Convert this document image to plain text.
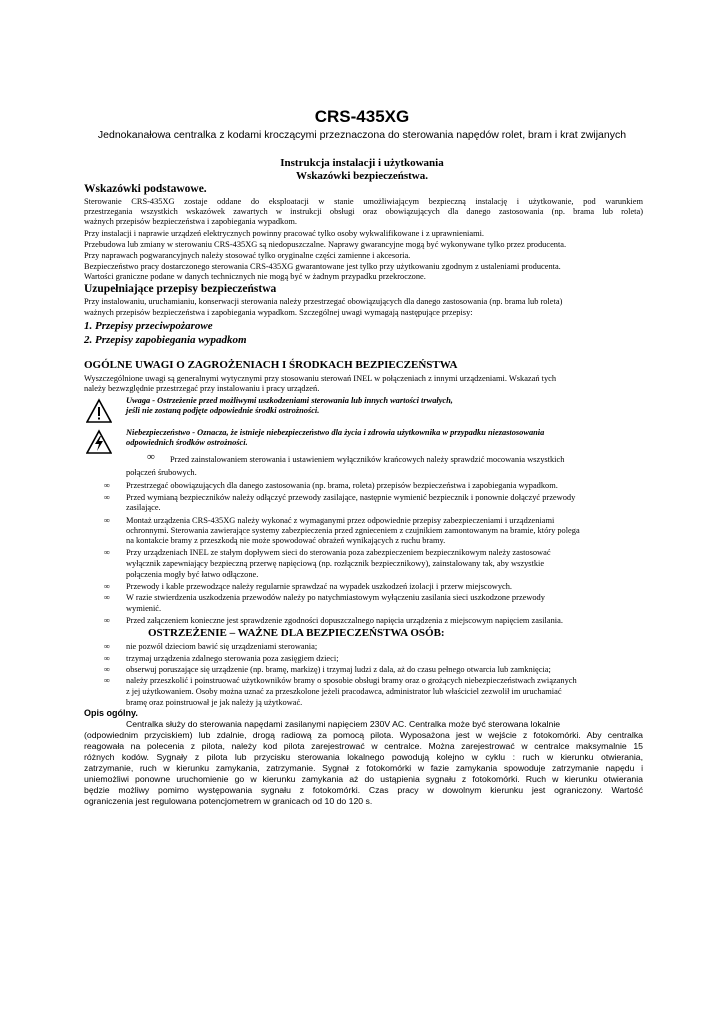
CRS-435XG
Jednokanałowa centralka z kodami kroczącymi przeznaczona do sterowania napędów rolet, bram i krat zwijanych
Instrukcja instalacji i użytkowania
Wskazówki bezpieczeństwa.
Wskazówki podstawowe.
Sterowanie CRS-435XG zostaje oddane do eksploatacji w stanie umożliwiającym bezpieczną instalację i użytkowanie, pod warunkiem
przestrzegania wszystkich wskazówek zawartych w instrukcji obsługi oraz obowiązujących dla danego zastosowania (np. brama lub roleta)
ważnych przepisów bezpieczeństwa i zapobiegania wypadkom.
Przy instalacji i naprawie urządzeń elektrycznych powinny pracować tylko osoby wykwalifikowane i z uprawnieniami.
Przebudowa lub zmiany w sterowaniu CRS-435XG są niedopuszczalne. Naprawy gwarancyjne mogą być wykonywane tylko przez producenta.
Przy naprawach pogwarancyjnych należy stosować tylko oryginalne części zamienne i akcesoria.
Bezpieczeństwo pracy dostarczonego sterowania CRS-435XG gwarantowane jest tylko przy użytkowaniu zgodnym z ustaleniami producenta.
Wartości graniczne podane w danych technicznych nie mogą być w żadnym przypadku przekroczone.
Uzupełniające przepisy bezpieczeństwa
Przy instalowaniu, uruchamianiu, konserwacji sterowania należy przestrzegać obowiązujących dla danego zastosowania (np. brama lub roleta)
ważnych przepisów bezpieczeństwa i zapobiegania wypadkom. Szczególnej uwagi wymagają następujące przepisy:
1. Przepisy przeciwpożarowe
2. Przepisy zapobiegania wypadkom
OGÓLNE UWAGI O ZAGROŻENIACH I ŚRODKACH BEZPIECZEŃSTWA
Wyszczególnione uwagi są generalnymi wytycznymi przy stosowaniu sterowań INEL w połączeniach z innymi urządzeniami. Wskazań tych
należy bezwzględnie przestrzegać przy instalowaniu i pracy urządzeń.
Uwaga - Ostrzeżenie przed możliwymi uszkodzeniami sterowania lub innych wartości trwałych,
jeśli nie zostaną podjęte odpowiednie środki ostrożności.
Niebezpieczeństwo - Oznacza, że istnieje niebezpieczeństwo dla życia i zdrowia użytkownika w przypadku niezastosowania
odpowiednich środków ostrożności.
∞ Przed zainstalowaniem sterowania i ustawieniem wyłączników krańcowych należy sprawdzić mocowania wszystkich
połączeń śrubowych.
∞ Przestrzegać obowiązujących dla danego zastosowania (np. brama, roleta) przepisów bezpieczeństwa i zapobiegania wypadkom.
∞ Przed wymianą bezpieczników należy odłączyć przewody zasilające, następnie wymienić bezpiecznik i ponownie dołączyć przewody
zasilające.
∞ Montaż urządzenia CRS-435XG należy wykonać z wymaganymi przez odpowiednie przepisy zabezpieczeniami i urządzeniami
ochronnymi. Sterowania zawierające systemy zabezpieczenia przed zgnieceniem z czujnikiem zamontowanym na bramie, który polega
na kontakcie bramy z przeszkodą nie może spowodować obrażeń wynikających z ruchu bramy.
∞ Przy urządzeniach INEL ze stałym dopływem sieci do sterowania poza zabezpieczeniem bezpiecznikowym należy zastosować
wyłącznik zapewniający bezpieczną przerwę napięciową (np. rozłącznik bezpiecznikowy), zainstalowany tak, aby wszystkie
połączenia mogły być łatwo odłączone.
∞ Przewody i kable przewodzące należy regularnie sprawdzać na wypadek uszkodzeń izolacji i przerw miejscowych.
∞ W razie stwierdzenia uszkodzenia przewodów należy po natychmiastowym wyłączeniu zasilania sieci uszkodzone przewody
wymienić.
∞ Przed załączeniem konieczne jest sprawdzenie zgodności dopuszczalnego napięcia urządzenia z miejscowym napięciem zasilania.
OSTRZEŻENIE – WAŻNE DLA BEZPIECZEŃSTWA OSÓB:
∞ nie pozwól dzieciom bawić się urządzeniami sterowania;
∞ trzymaj urządzenia zdalnego sterowania poza zasięgiem dzieci;
∞ obserwuj poruszające się urządzenie (np. bramę, markizę) i trzymaj ludzi z dala, aż do czasu pełnego otwarcia lub zamknięcia;
∞ należy przeszkolić i poinstruować użytkowników bramy o sposobie obsługi bramy oraz o grożących niebezpieczeństwach związanych
z jej użytkowaniem. Osoby można uznać za przeszkolone jeżeli pracodawca, administrator lub właściciel zezwolił im uruchamiać
bramę oraz poinstruował je jak należy ją użytkować.
Opis ogólny.
Centralka służy do sterowania napędami zasilanymi napięciem 230V AC. Centralka może być sterowana lokalnie
(odpowiednim przyciskiem) lub zdalnie, drogą radiową za pomocą pilota. Wyposażona jest w wejście z fotokomórki. Aby centralka
reagowała na polecenia z pilota, należy kod pilota zarejestrować w centralce. Można zarejestrować w centralce maksymalnie 15
różnych kodów. Sygnały z pilota lub przycisku sterowania lokalnego powodują kolejno w cyklu : ruch w kierunku otwierania,
zatrzymanie, ruch w kierunku zamykania, zatrzymanie. Sygnał z fotokomórki w fazie zamykania spowoduje zatrzymanie napędu i
uniemożliwi ponowne uruchomienie go w kierunku zamykania aż do ustąpienia sygnału z fotokomórki. Ruch w kierunku otwierania
będzie możliwy pomimo występowania sygnału z fotokomórki. Czas pracy w dowolnym kierunku jest ograniczony. Wartość
ograniczenia jest regulowana potencjometrem w granicach od 10 do 120 s.
